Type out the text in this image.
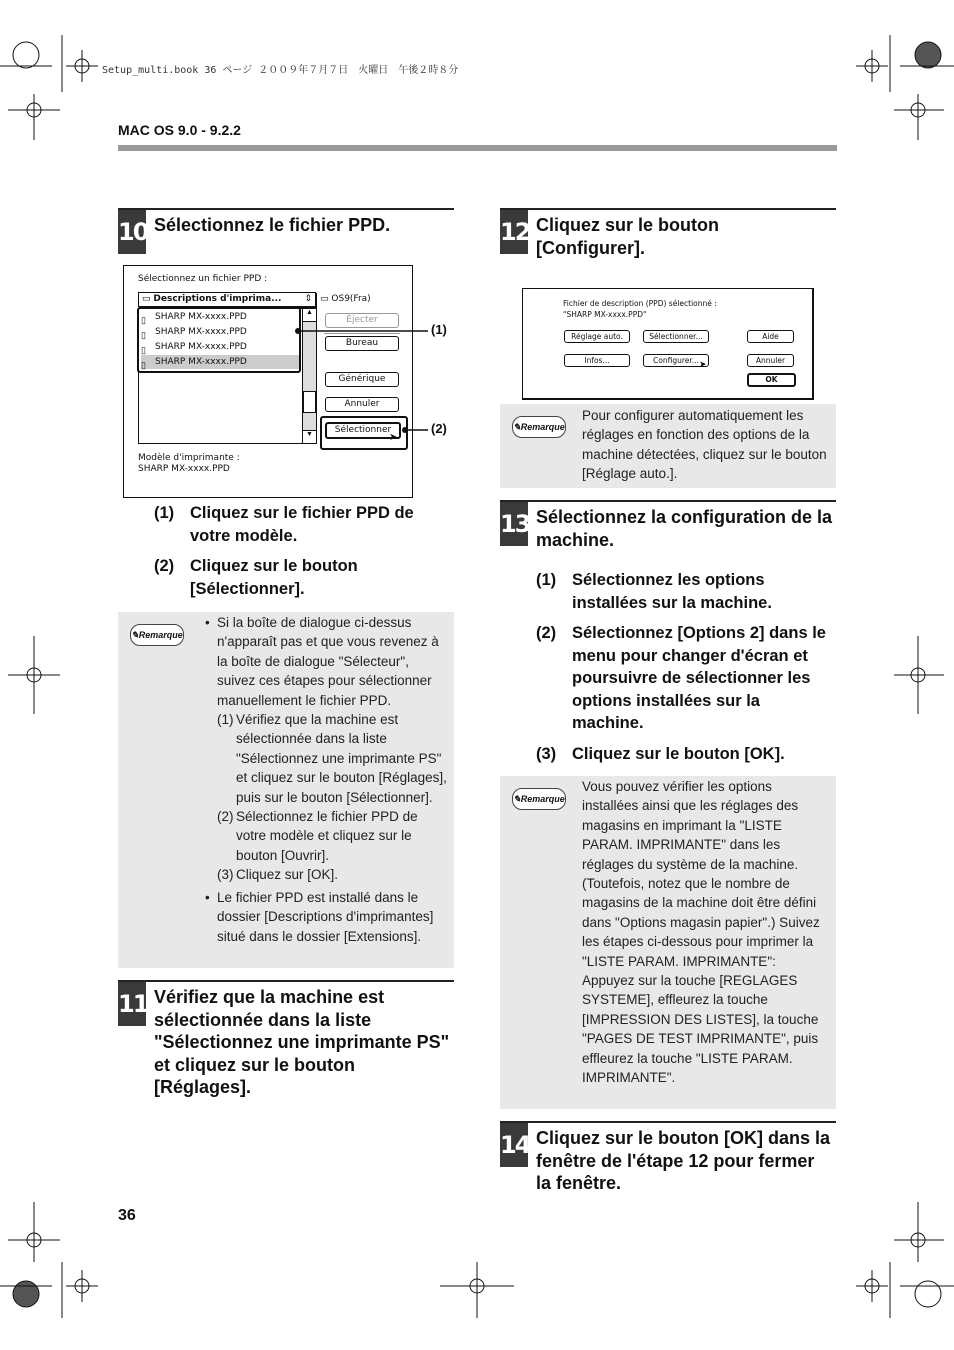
Setup_multi.book 36 ページ ２００９年７月７日　火曜日　午後２時８分
MAC OS 9.0 - 9.2.2
10 Sélectionnez le fichier PPD.
Sélectionnez un fichier PPD :
▭ Descriptions d'imprima...	⇕ ▭ OS9(Fra)
▯ SHARP MX-xxxx.PPD
▯ SHARP MX-xxxx.PPD
▯ SHARP MX-xxxx.PPD
▯ SHARP MX-xxxx.PPD
▲
▼
Éjecter
Bureau
Générique
Annuler
Sélectionner
➤
Modèle d'imprimante :
SHARP MX-xxxx.PPD
(1)
(2)
(1) Cliquez sur le fichier PPD de votre modèle.
(2) Cliquez sur le bouton [Sélectionner].
✎Remarque
• Si la boîte de dialogue ci-dessus n'apparaît pas et que vous revenez à la boîte de dialogue "Sélecteur", suivez ces étapes pour sélectionner manuellement le fichier PPD.
(1) Vérifiez que la machine est sélectionnée dans la liste "Sélectionnez une imprimante PS" et cliquez sur le bouton [Réglages], puis sur le bouton [Sélectionner].
(2) Sélectionnez le fichier PPD de votre modèle et cliquez sur le bouton [Ouvrir].
(3) Cliquez sur [OK].
• Le fichier PPD est installé dans le dossier [Descriptions d'imprimantes] situé dans le dossier [Extensions].
11 Vérifiez que la machine est sélectionnée dans la liste "Sélectionnez une imprimante PS" et cliquez sur le bouton [Réglages].
12 Cliquez sur le bouton [Configurer].
Fichier de description (PPD) sélectionné :
"SHARP MX-xxxx.PPD"
Réglage auto.	Sélectionner...	Aide
Infos...	Configurer... ➤	Annuler
OK
✎Remarque
Pour configurer automatiquement les réglages en fonction des options de la machine détectées, cliquez sur le bouton [Réglage auto.].
13 Sélectionnez la configuration de la machine.
(1) Sélectionnez les options installées sur la machine.
(2) Sélectionnez [Options 2] dans le menu pour changer d'écran et poursuivre de sélectionner les options installées sur la machine.
(3) Cliquez sur le bouton [OK].
✎Remarque
Vous pouvez vérifier les options installées ainsi que les réglages des magasins en imprimant la "LISTE PARAM. IMPRIMANTE" dans les réglages du système de la machine. (Toutefois, notez que le nombre de magasins de la machine doit être défini dans "Options magasin papier".) Suivez les étapes ci-dessous pour imprimer la "LISTE PARAM. IMPRIMANTE": Appuyez sur la touche [REGLAGES SYSTEME], effleurez la touche [IMPRESSION DES LISTES], la touche "PAGES DE TEST IMPRIMANTE", puis effleurez la touche "LISTE PARAM. IMPRIMANTE".
14 Cliquez sur le bouton [OK] dans la fenêtre de l'étape 12 pour fermer la fenêtre.
36
